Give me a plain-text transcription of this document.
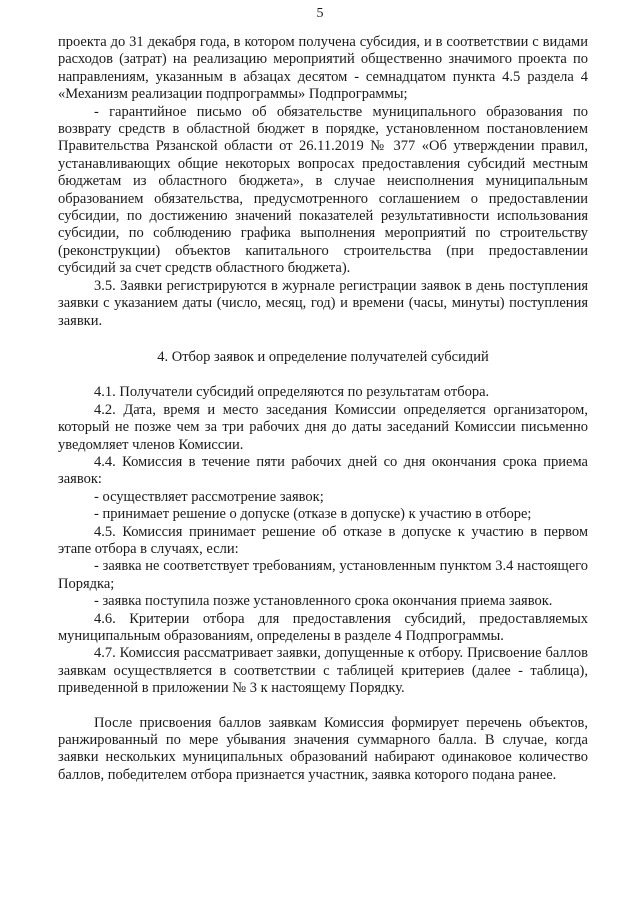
5

проекта до 31 декабря года, в котором получена субсидия, и в соответствии с видами расходов (затрат) на реализацию мероприятий общественно значимого проекта по направлениям, указанным в абзацах десятом - семнадцатом пункта 4.5 раздела 4 «Механизм реализации подпрограммы» Подпрограммы;

- гарантийное письмо об обязательстве муниципального образования по возврату средств в областной бюджет в порядке, установленном постановлением Правительства Рязанской области от 26.11.2019 № 377 «Об утверждении правил, устанавливающих общие некоторых вопросах предоставления субсидий местным бюджетам из областного бюджета», в случае неисполнения муниципальным образованием обязательства, предусмотренного соглашением о предоставлении субсидии, по достижению значений показателей результативности использования субсидии, по соблюдению графика выполнения мероприятий по строительству (реконструкции) объектов капитального строительства (при предоставлении субсидий за счет средств областного бюджета).

3.5. Заявки регистрируются в журнале регистрации заявок в день поступления заявки с указанием даты (число, месяц, год) и времени (часы, минуты) поступления заявки.

4. Отбор заявок и определение получателей субсидий

4.1. Получатели субсидий определяются по результатам отбора.

4.2. Дата, время и место заседания Комиссии определяется организатором, который не позже чем за три рабочих дня до даты заседаний Комиссии письменно уведомляет членов Комиссии.

4.4. Комиссия в течение пяти рабочих дней со дня окончания срока приема заявок:

- осуществляет рассмотрение заявок;

- принимает решение о допуске (отказе в допуске) к участию в отборе;

4.5. Комиссия принимает решение об отказе в допуске к участию в первом этапе отбора в случаях, если:

- заявка не соответствует требованиям, установленным пунктом 3.4 настоящего Порядка;

- заявка поступила позже установленного срока окончания приема заявок.

4.6. Критерии отбора для предоставления субсидий, предоставляемых муниципальным образованиям, определены в разделе 4 Подпрограммы.

4.7. Комиссия рассматривает заявки, допущенные к отбору. Присвоение баллов заявкам осуществляется в соответствии с таблицей критериев (далее - таблица), приведенной в приложении № 3 к настоящему Порядку.

После присвоения баллов заявкам Комиссия формирует перечень объектов, ранжированный по мере убывания значения суммарного балла. В случае, когда заявки нескольких муниципальных образований набирают одинаковое количество баллов, победителем отбора признается участник, заявка которого подана ранее.
